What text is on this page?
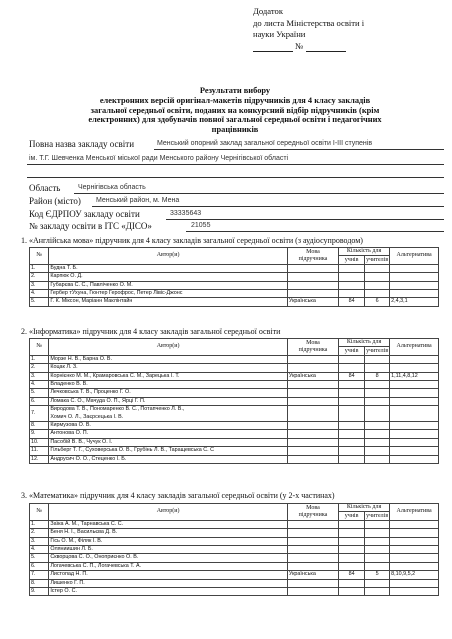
Додаток
до листа Міністерства освіти і
науки України
№
Результати вибору
електронних версій оригінал-макетів підручників для 4 класу закладів
загальної середньої освіти, поданих на конкурсний відбір підручників (крім
електронних) для здобувачів повної загальної середньої освіти і педагогічних
працівників
Повна назва закладу освіти	Менський опорний заклад загальної середньої освіти I-III ступенів
ім. Т.Г. Шевченка Менської міської ради Менського району Чернігівської області
Область	Чернігівська область
Район (місто) Менський район, м. Мена
Код ЄДРПОУ закладу освіти	33335643
№ закладу освіти в ІТС «ДІСО»	21055
1. «Англійська мова» підручник для 4 класу закладів загальної середньої освіти (з аудіосупроводом)
2. «Інформатика» підручник для 4 класу закладів загальної середньої освіти
3. «Математика» підручник для 4 класу закладів загальної середньої освіти (у 2-х частинах)
№	Автор(и)	Мова
підручника	Кількість для		Альтернатива
			учнів	учителів	
1.	Будна Т. Б.				

2.	Карпюк О. Д.				

3.	Губарєва С. С., Павліченко О. М.				

4.	Гербер тУхуна, Гюнтер Герофрос, Петер Лівіс-Джонс				

5.	Г. К. Мiксон, Марiанн Маклiнтайн	Українська	84	6	2,4,3,1
№	Автор(и)	Мова
підручника	Кількість для		Альтернатива
			учнів	учителів	
1.	Морзе Н. В., Барна О. В.				

2.	Коцак Л. З.				

3.	Корнієнко М. М., Крамаровська С. М., Зарецька І. Т.	Українська	84	8	1,11,4,8,12
4.	Владенко В. В.				

5.	Лечковська Т. В., Проценко Г. О.				

6.	Ломака С. О., Мачуда О. П., Ярцi Г. П.				

7.	Виродова Т. В., Пономаренко В. С., Потапченко Л. В.,
Хомич О. Л., Заєрсецька І. В.				

8.	Кирмузова О. В.				

9.	Антонова О. П.				

10.	Пасобій В. В., Чучук О. І.				

11.	Гільберг Т. Г., Суховерська О. В., Грубінь Л. В., Таращевська С. С				

12.	Андрусич О. О., Стеценко І. Б.				

№	Автор(и)	Мова
підручника	Кількість для		Альтернатива
			учнів	учителів	
1.	Заїка А. М., Тарнавська С. С.				

2.	Беня Н. І., Васильєва Д. В.				

3.	Гісь О. М., Філяк І. В.				

4.	Оляниишин Л. Б.				

5.	Скворцова С. О., Оноприєнко О. В.				

6.	Логачевська С. П., Логачевська Т. А.				

7.	Листопад Н. П.	Українська	84	5	8,10,9,5,2
8.	Лишенко Г. П.				

9.	Істер О. С.				
